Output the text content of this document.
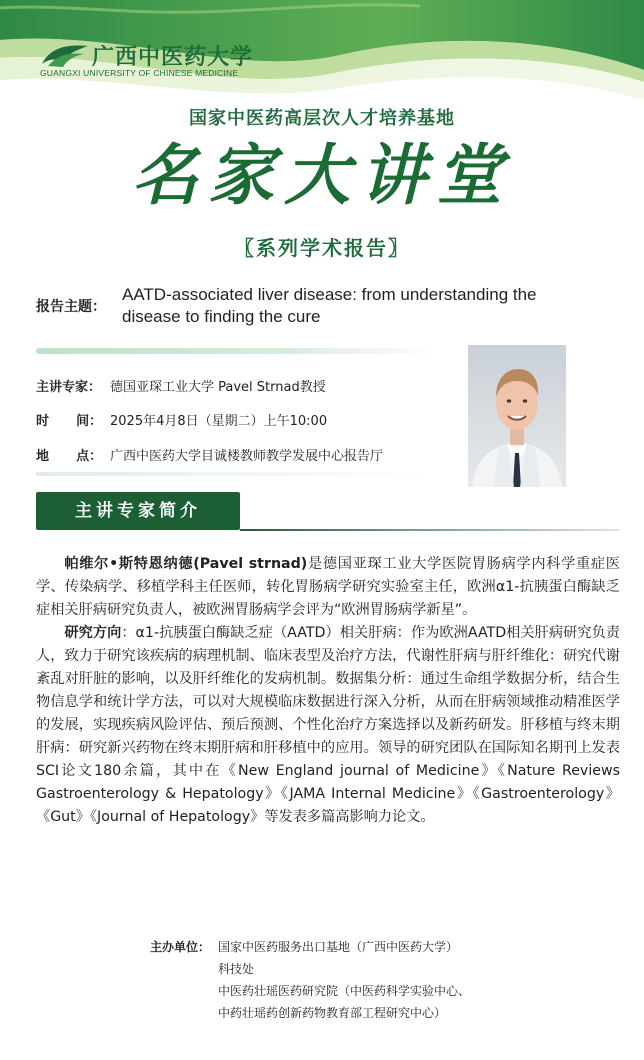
广西中医药大学
GUANGXI UNIVERSITY OF CHINESE MEDICINE
国家中医药高层次人才培养基地
名家大讲堂
〖系列学术报告〗
报告主题：
AATD-associated liver disease: from understanding the disease to finding the cure
主讲专家： 德国亚琛工业大学 Pavel Strnad教授
时      间： 2025年4月8日（星期二）上午10:00
地      点： 广西中医药大学目诚楼教师教学发展中心报告厅
主讲专家简介

帕维尔•斯特恩纳德(Pavel strnad)是德国亚琛工业大学医院胃肠病学内科学重症医学、传染病学、移植学科主任医师，转化胃肠病学研究实验室主任，欧洲α1-抗胰蛋白酶缺乏症相关肝病研究负责人，被欧洲胃肠病学会评为“欧洲胃肠病学新星”。

研究方向：α1-抗胰蛋白酶缺乏症（AATD）相关肝病：作为欧洲AATD相关肝病研究负责人，致力于研究该疾病的病理机制、临床表型及治疗方法，代谢性肝病与肝纤维化：研究代谢紊乱对肝脏的影响，以及肝纤维化的发病机制。数据集分析：通过生命组学数据分析，结合生物信息学和统计学方法，可以对大规模临床数据进行深入分析，从而在肝病领域推动精准医学的发展，实现疾病风险评估、预后预测、个性化治疗方案选择以及新药研发。肝移植与终末期肝病：研究新兴药物在终末期肝病和肝移植中的应用。领导的研究团队在国际知名期刊上发表SCI论文180余篇，其中在《New England journal of Medicine》《Nature Reviews Gastroenterology & Hepatology》《JAMA Internal Medicine》《Gastroenterology》《Gut》《Journal of Hepatology》等发表多篇高影响力论文。

主办单位： 国家中医药服务出口基地（广西中医药大学）
科技处
中医药壮瑶医药研究院（中医药科学实验中心、
中药壮瑶药创新药物教育部工程研究中心）
